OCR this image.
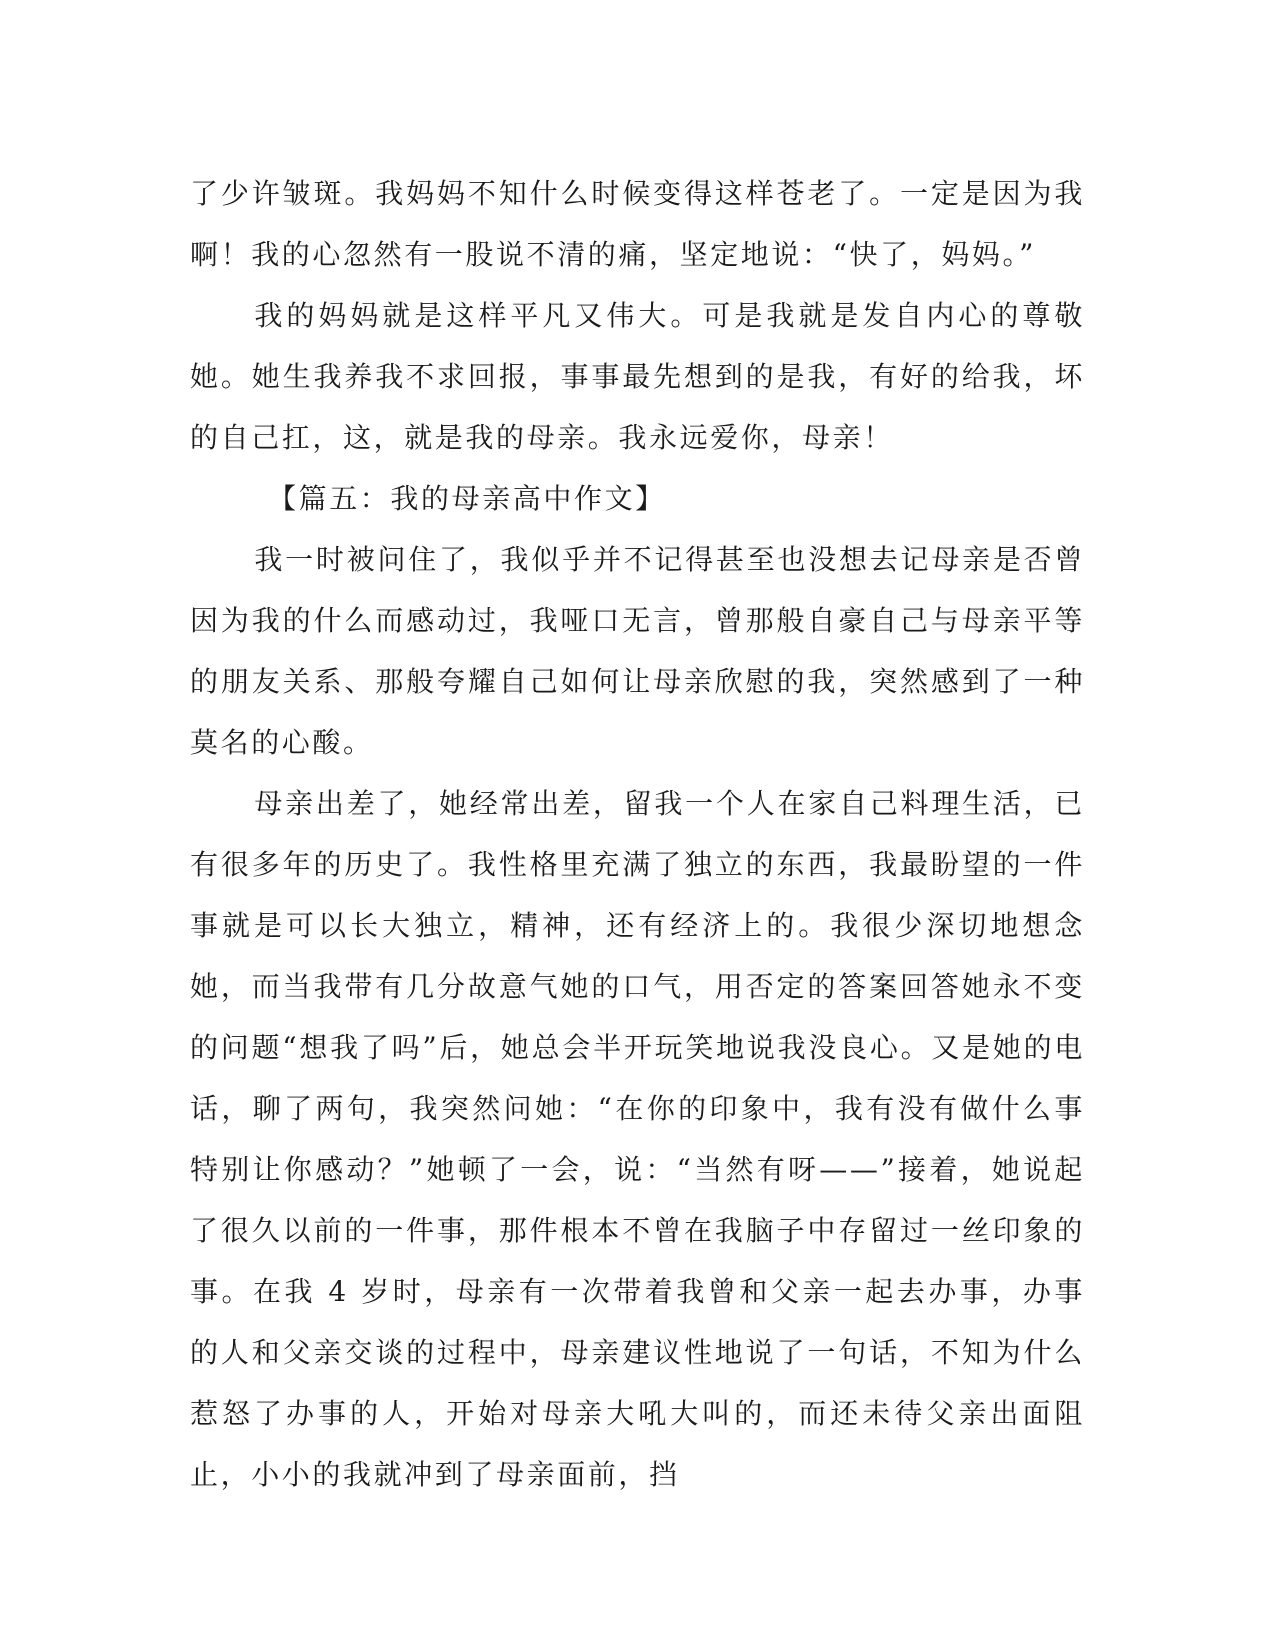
了少许皱斑。我妈妈不知什么时候变得这样苍老了。一定是因为我啊！我的心忽然有一股说不清的痛，坚定地说：“快了，妈妈。”

我的妈妈就是这样平凡又伟大。可是我就是发自内心的尊敬她。她生我养我不求回报，事事最先想到的是我，有好的给我，坏的自己扛，这，就是我的母亲。我永远爱你，母亲！

【篇五：我的母亲高中作文】

我一时被问住了，我似乎并不记得甚至也没想去记母亲是否曾因为我的什么而感动过，我哑口无言，曾那般自豪自己与母亲平等的朋友关系、那般夸耀自己如何让母亲欣慰的我，突然感到了一种莫名的心酸。

母亲出差了，她经常出差，留我一个人在家自己料理生活，已有很多年的历史了。我性格里充满了独立的东西，我最盼望的一件事就是可以长大独立，精神，还有经济上的。我很少深切地想念她，而当我带有几分故意气她的口气，用否定的答案回答她永不变的问题“想我了吗”后，她总会半开玩笑地说我没良心。又是她的电话，聊了两句，我突然问她：“在你的印象中，我有没有做什么事特别让你感动？”她顿了一会，说：“当然有呀——”接着，她说起了很久以前的一件事，那件根本不曾在我脑子中存留过一丝印象的事。在我 4 岁时，母亲有一次带着我曾和父亲一起去办事，办事的人和父亲交谈的过程中，母亲建议性地说了一句话，不知为什么惹怒了办事的人，开始对母亲大吼大叫的，而还未待父亲出面阻止，小小的我就冲到了母亲面前，挡
